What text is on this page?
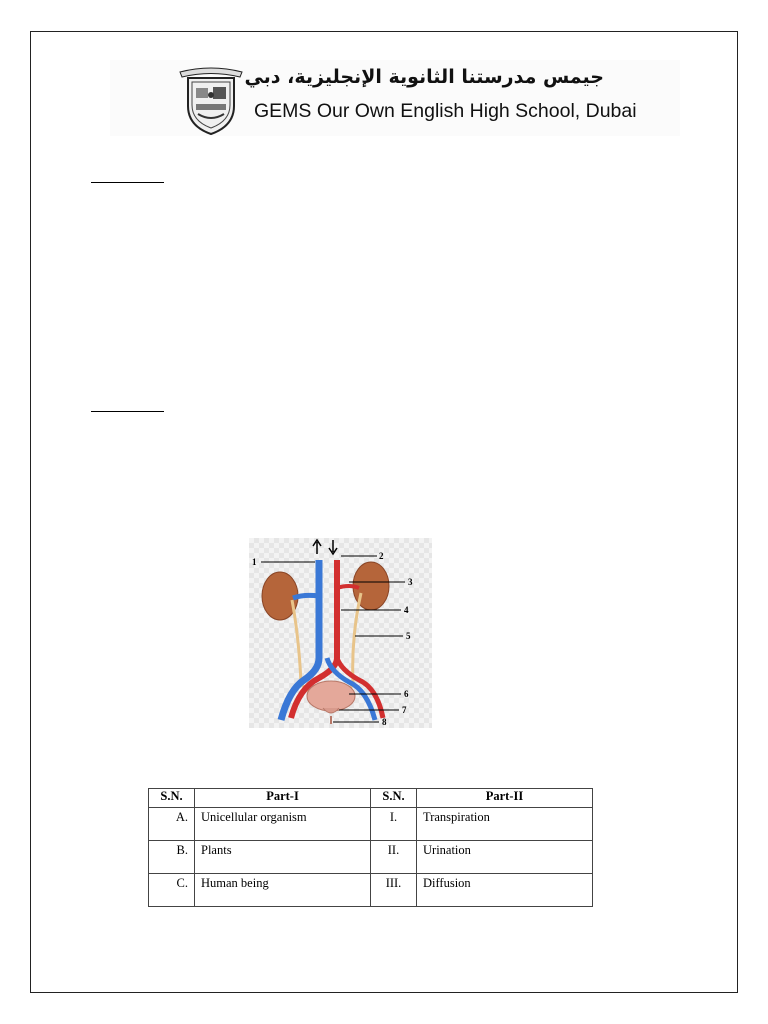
جيمس مدرستنا الثانوية الإنجليزية، دبي
GEMS Our Own English High School, Dubai
1
2
3
4
5
6
7
8
S.N.	Part-I	S.N.	Part-II
A.	Unicellular organism	I.	Transpiration
B.	Plants	II.	Urination
C.	Human being	III.	Diffusion
